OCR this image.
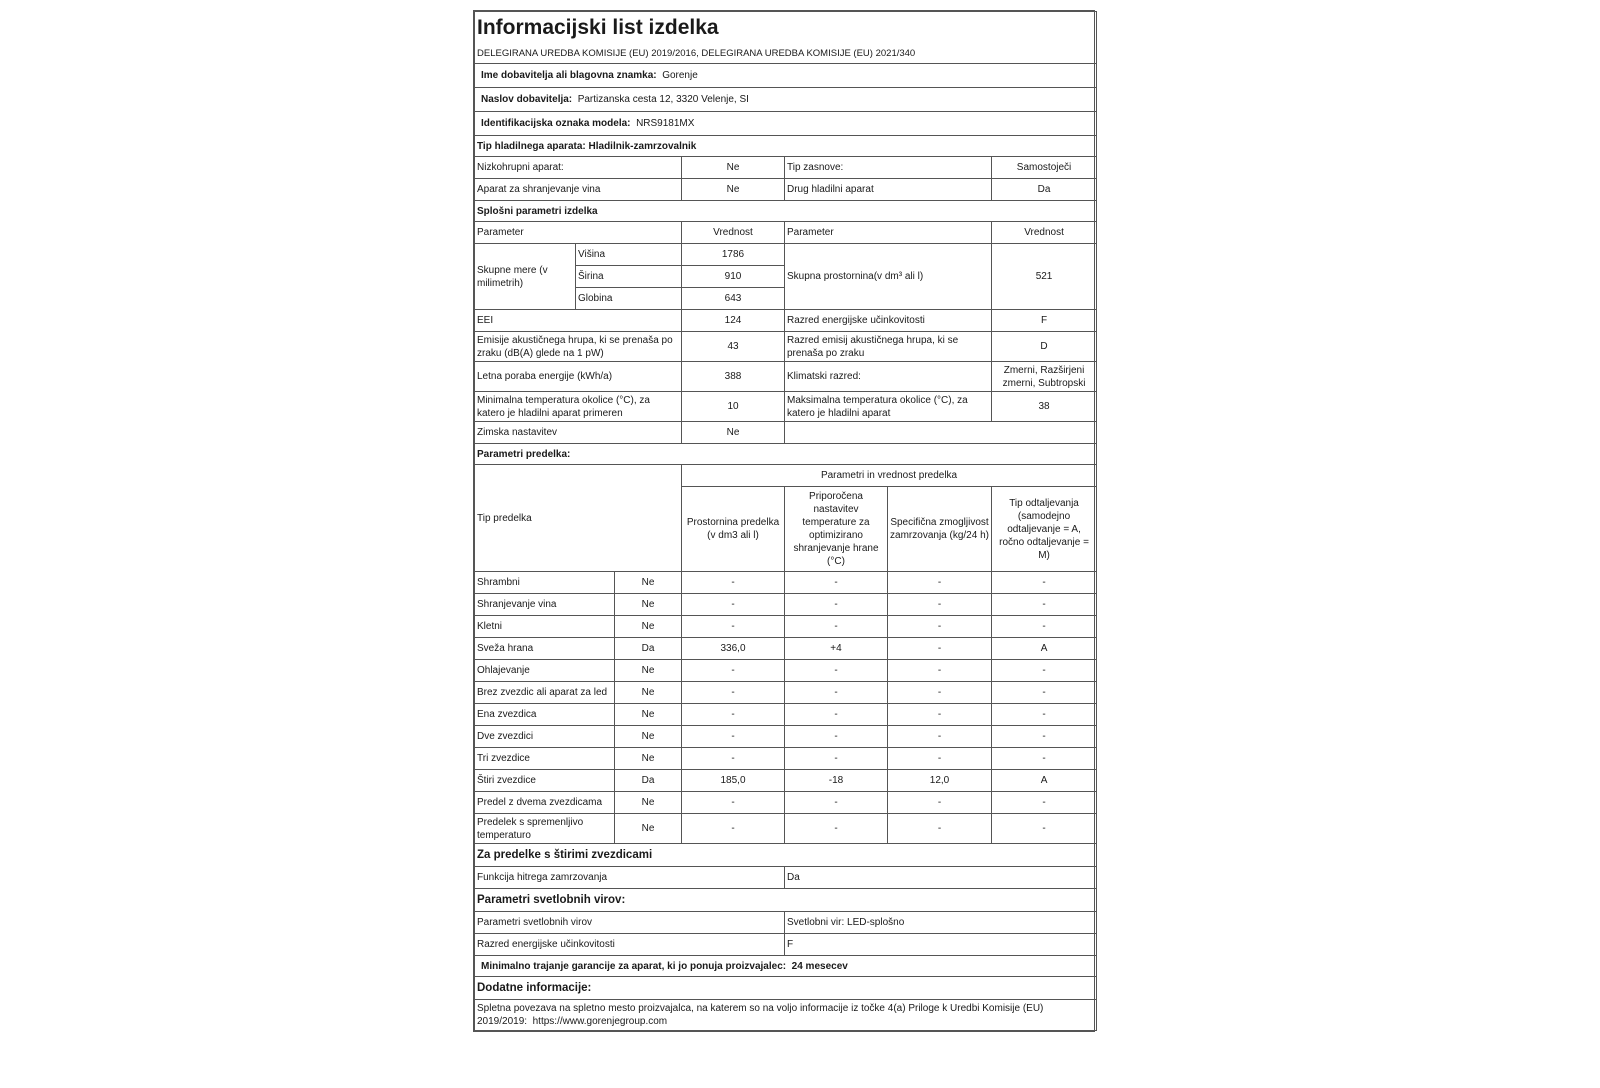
Informacijski list izdelka						
DELEGIRANA UREDBA KOMISIJE (EU) 2019/2016, DELEGIRANA UREDBA KOMISIJE (EU) 2021/340						
Ime dobavitelja ali blagovna znamka: Gorenje						
Naslov dobavitelja: Partizanska cesta 12, 3320 Velenje, SI						
Identifikacijska oznaka modela: NRS9181MX						
Tip hladilnega aparata: Hladilnik-zamrzovalnik						
Nizkohrupni aparat:			Ne	Tip zasnove:		Samostoječi
Aparat za shranjevanje vina			Ne	Drug hladilni aparat		Da
Splošni parametri izdelka						
Parameter			Vrednost	Parameter		Vrednost
Skupne mere (v milimetrih)	Višina		1786	Skupna prostornina(v dm³ ali l)		521
	Širina		910			
	Globina		643			
EEI			124	Razred energijske učinkovitosti		F
Emisije akustičnega hrupa, ki se prenaša po zraku (dB(A) glede na 1 pW)			43	Razred emisij akustičnega hrupa, ki se prenaša po zraku		D
Letna poraba energije (kWh/a)			388	Klimatski razred:		Zmerni, Razširjeni zmerni, Subtropski
Minimalna temperatura okolice (°C), za katero je hladilni aparat primeren			10	Maksimalna temperatura okolice (°C), za katero je hladilni aparat		38
Zimska nastavitev			Ne			
Parametri predelka:						
Tip predelka			Parametri in vrednost predelka			
			Prostornina predelka (v dm3 ali l)	Priporočena nastavitev temperature za optimizirano shranjevanje hrane (°C)	Specifična zmogljivost zamrzovanja (kg/24 h)	Tip odtaljevanja (samodejno odtaljevanje = A, ročno odtaljevanje = M)
Shrambni		Ne	-	-	-	-
Shranjevanje vina		Ne	-	-	-	-
Kletni		Ne	-	-	-	-
Sveža hrana		Da	336,0	+4	-	A
Ohlajevanje		Ne	-	-	-	-
Brez zvezdic ali aparat za led		Ne	-	-	-	-
Ena zvezdica		Ne	-	-	-	-
Dve zvezdici		Ne	-	-	-	-
Tri zvezdice		Ne	-	-	-	-
Štiri zvezdice		Da	185,0	-18	12,0	A
Predel z dvema zvezdicama		Ne	-	-	-	-
Predelek s spremenljivo temperaturo		Ne	-	-	-	-
Za predelke s štirimi zvezdicami						
Funkcija hitrega zamrzovanja				Da		
Parametri svetlobnih virov:						
Parametri svetlobnih virov				Svetlobni vir: LED-splošno		
Razred energijske učinkovitosti				F		
Minimalno trajanje garancije za aparat, ki jo ponuja proizvajalec: 24 mesecev						
Dodatne informacije:						
Spletna povezava na spletno mesto proizvajalca, na katerem so na voljo informacije iz točke 4(a) Priloge k Uredbi Komisije (EU) 2019/2019: https://www.gorenjegroup.com						
